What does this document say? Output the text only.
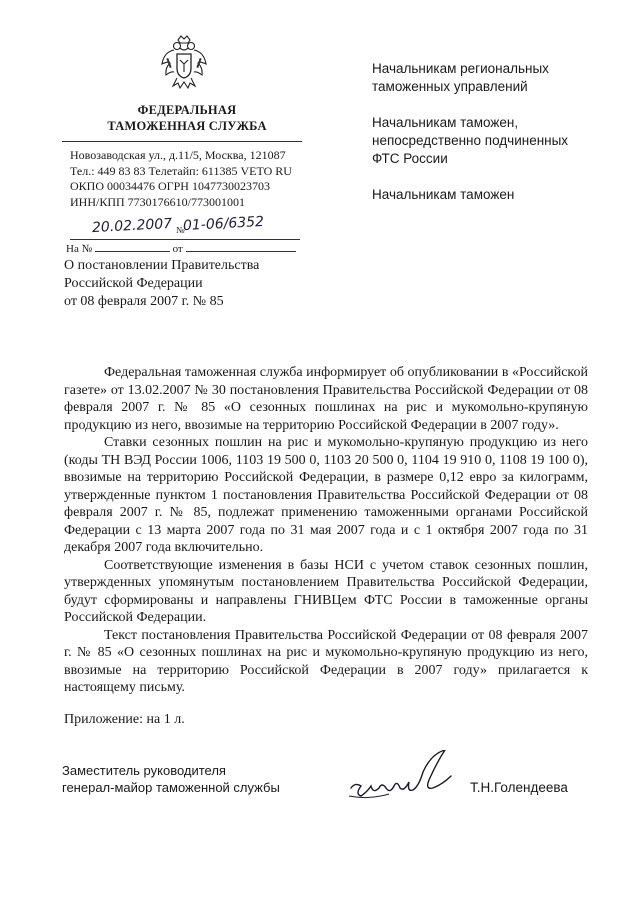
ФЕДЕРАЛЬНАЯ
ТАМОЖЕННАЯ СЛУЖБА
Новозаводская ул., д.11/5, Москва, 121087
Тел.: 449 83 83 Телетайп: 611385 VETO RU
ОКПО 00034476 ОГРН 1047730023703
ИНН/КПП 7730176610/773001001
20.02.2007 №
01-06/6352
На №	от
О постановлении Правительства
Российской Федерации
от 08 февраля 2007 г. № 85
Начальникам региональных
таможенных управлений
Начальникам таможен,
непосредственно подчиненных
ФТС России
Начальникам таможен

Федеральная таможенная служба информирует об опубликовании в «Российской газете» от 13.02.2007 № 30 постановления Правительства Российской Федерации от 08 февраля 2007 г. № 85 «О сезонных пошлинах на рис и мукомольно-крупяную продукцию из него, ввозимые на территорию Российской Федерации в 2007 году».

Ставки сезонных пошлин на рис и мукомольно-крупяную продукцию из него (коды ТН ВЭД России 1006, 1103 19 500 0, 1103 20 500 0, 1104 19 910 0, 1108 19 100 0), ввозимые на территорию Российской Федерации, в размере 0,12 евро за килограмм, утвержденные пунктом 1 постановления Правительства Российской Федерации от 08 февраля 2007 г. № 85, подлежат применению таможенными органами Российской Федерации с 13 марта 2007 года по 31 мая 2007 года и с 1 октября 2007 года по 31 декабря 2007 года включительно.

Соответствующие изменения в базы НСИ с учетом ставок сезонных пошлин, утвержденных упомянутым постановлением Правительства Российской Федерации, будут сформированы и направлены ГНИВЦем ФТС России в таможенные органы Российской Федерации.

Текст постановления Правительства Российской Федерации от 08 февраля 2007 г. № 85 «О сезонных пошлинах на рис и мукомольно-крупяную продукцию из него, ввозимые на территорию Российской Федерации в 2007 году» прилагается к настоящему письму.

Приложение: на 1 л.
Заместитель руководителя
генерал-майор таможенной службы	Т.Н.Голендеева
